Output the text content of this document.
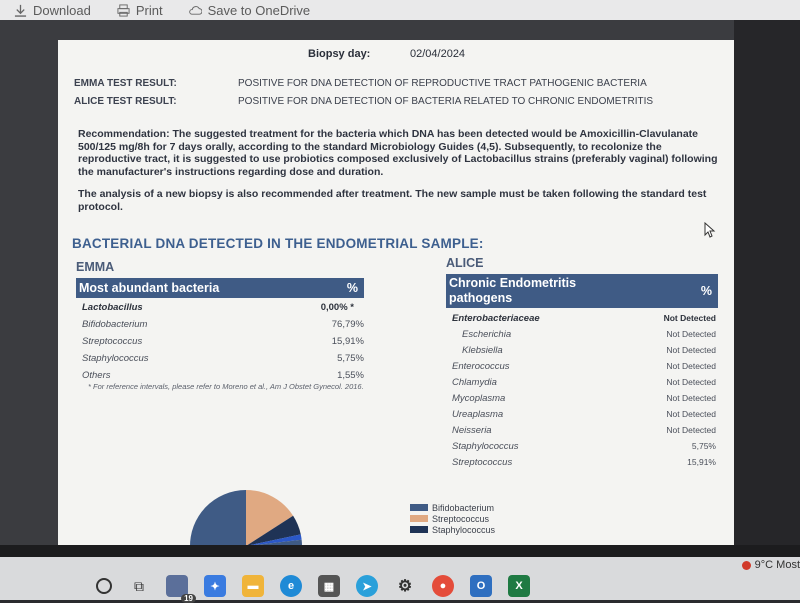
Download	Print	Save to OneDrive
Biopsy day:	02/04/2024
EMMA TEST RESULT:	POSITIVE FOR DNA DETECTION OF REPRODUCTIVE TRACT PATHOGENIC BACTERIA
ALICE TEST RESULT:	POSITIVE FOR DNA DETECTION OF BACTERIA RELATED TO CHRONIC ENDOMETRITIS
Recommendation: The suggested treatment for the bacteria which DNA has been detected would be Amoxicillin-Clavulanate 500/125 mg/8h for 7 days orally, according to the standard Microbiology Guides (4,5). Subsequently, to recolonize the reproductive tract, it is suggested to use probiotics composed exclusively of Lactobacillus strains (preferably vaginal) following the manufacturer's instructions regarding dose and duration.
The analysis of a new biopsy is also recommended after treatment. The new sample must be taken following the standard test protocol.
BACTERIAL DNA DETECTED IN THE ENDOMETRIAL SAMPLE:
EMMA
Most abundant bacteria	%
Lactobacillus	0,00% *
Bifidobacterium	76,79%
Streptococcus	15,91%
Staphylococcus	5,75%
Others	1,55%
* For reference intervals, please refer to Moreno et al., Am J Obstet Gynecol. 2016.
ALICE
Chronic Endometritis
pathogens	%
Enterobacteriaceae	Not Detected
Escherichia	Not Detected
Klebsiella	Not Detected
Enterococcus	Not Detected
Chlamydia	Not Detected
Mycoplasma	Not Detected
Ureaplasma	Not Detected
Neisseria	Not Detected
Staphylococcus	5,75%
Streptococcus	15,91%
Bifidobacterium
Streptococcus
Staphylococcus
9°C Most
⧉
19
✦	▬	e	▦	➤	⚙	●	O	X
